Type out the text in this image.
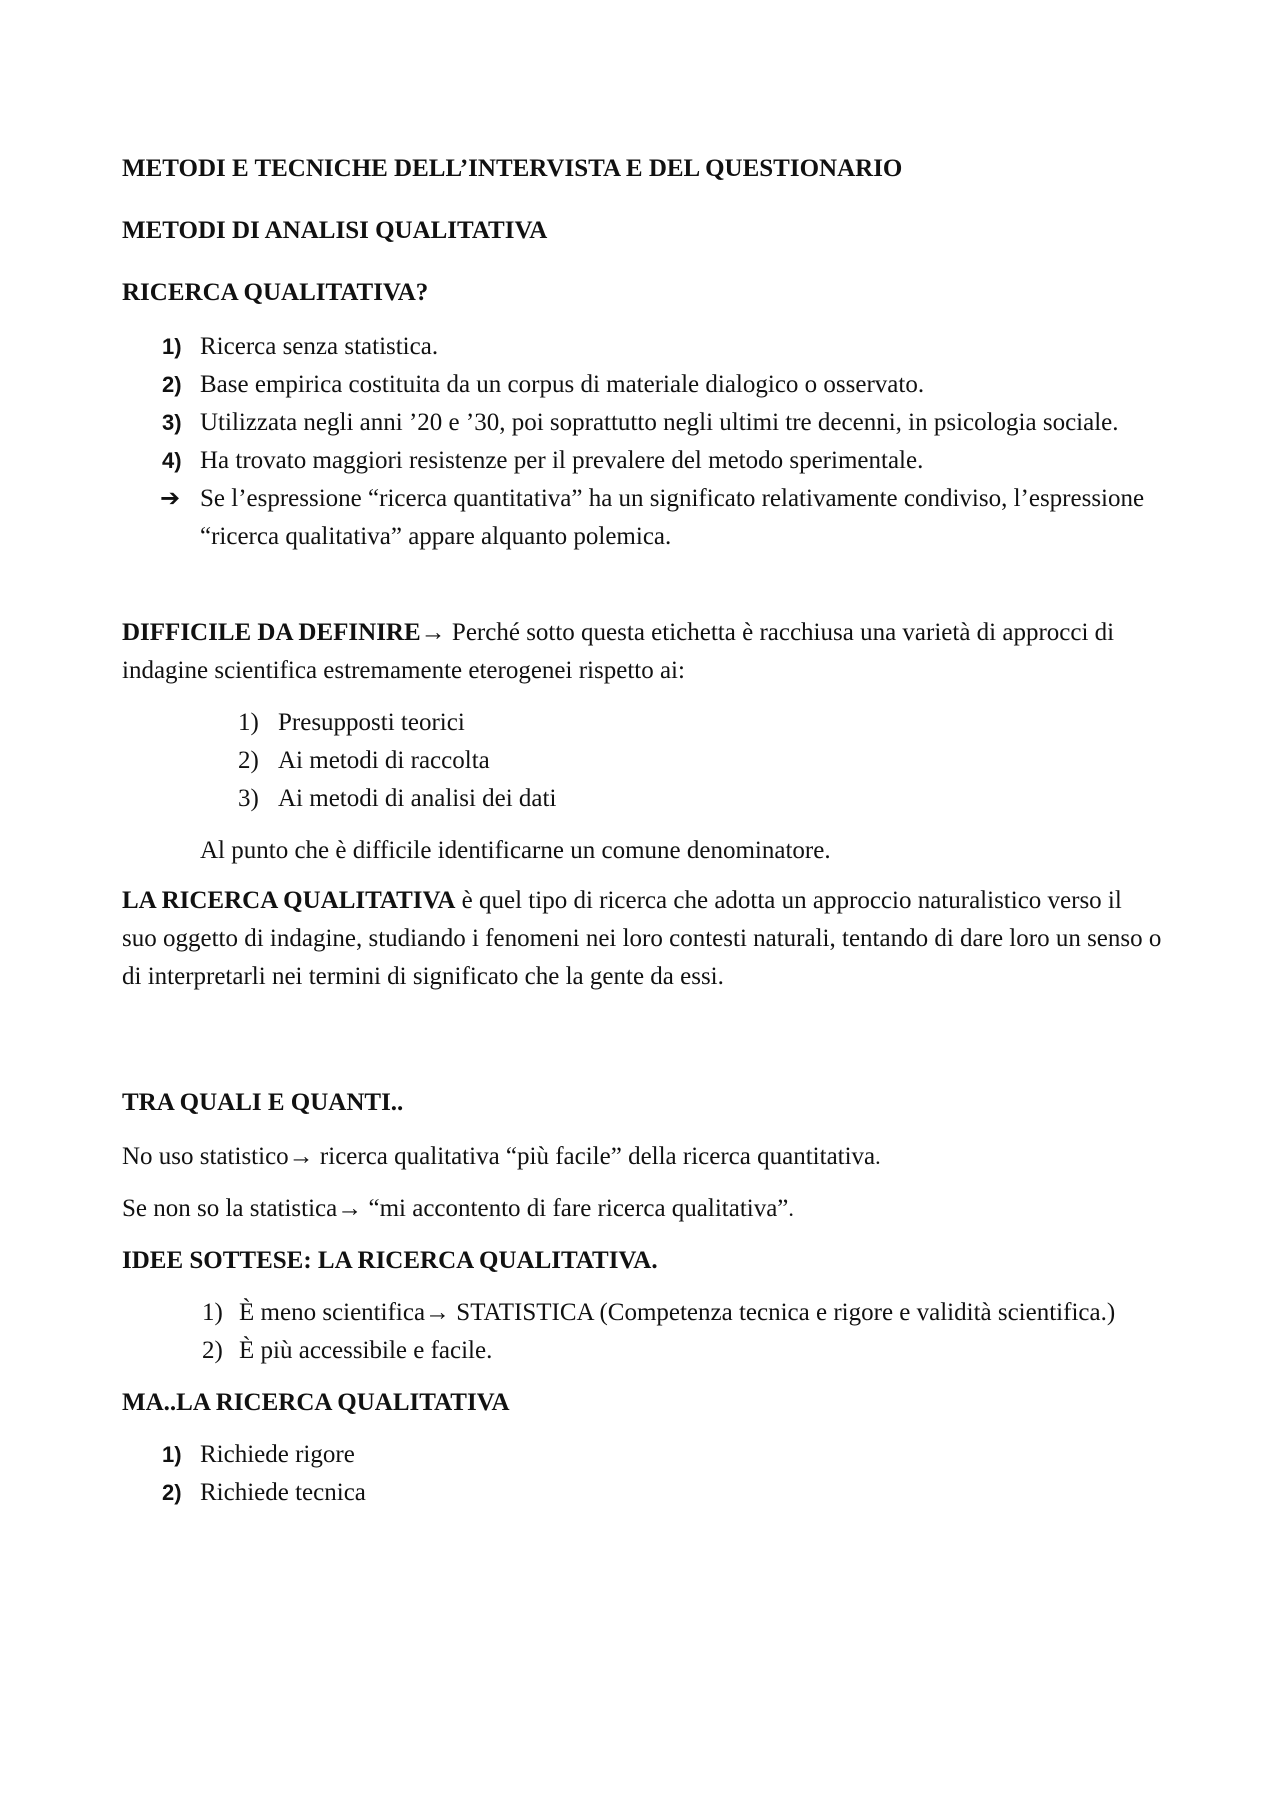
METODI E TECNICHE DELL’INTERVISTA E DEL QUESTIONARIO

METODI DI ANALISI QUALITATIVA

RICERCA QUALITATIVA?

1) Ricerca senza statistica.
2) Base empirica costituita da un corpus di materiale dialogico o osservato.
3) Utilizzata negli anni ’20 e ’30, poi soprattutto negli ultimi tre decenni, in psicologia sociale.
4) Ha trovato maggiori resistenze per il prevalere del metodo sperimentale.
➔ Se l’espressione “ricerca quantitativa” ha un significato relativamente condiviso, l’espressione “ricerca qualitativa” appare alquanto polemica.

DIFFICILE DA DEFINIRE→ Perché sotto questa etichetta è racchiusa una varietà di approcci di indagine scientifica estremamente eterogenei rispetto ai:

1) Presupposti teorici
2) Ai metodi di raccolta
3) Ai metodi di analisi dei dati

Al punto che è difficile identificarne un comune denominatore.

LA RICERCA QUALITATIVA è quel tipo di ricerca che adotta un approccio naturalistico verso il suo oggetto di indagine, studiando i fenomeni nei loro contesti naturali, tentando di dare loro un senso o di interpretarli nei termini di significato che la gente da essi.

TRA QUALI E QUANTI..

No uso statistico→ ricerca qualitativa “più facile” della ricerca quantitativa.

Se non so la statistica→ “mi accontento di fare ricerca qualitativa”.

IDEE SOTTESE: LA RICERCA QUALITATIVA.

1) È meno scientifica→ STATISTICA (Competenza tecnica e rigore e validità scientifica.)
2) È più accessibile e facile.

MA..LA RICERCA QUALITATIVA

1) Richiede rigore
2) Richiede tecnica
